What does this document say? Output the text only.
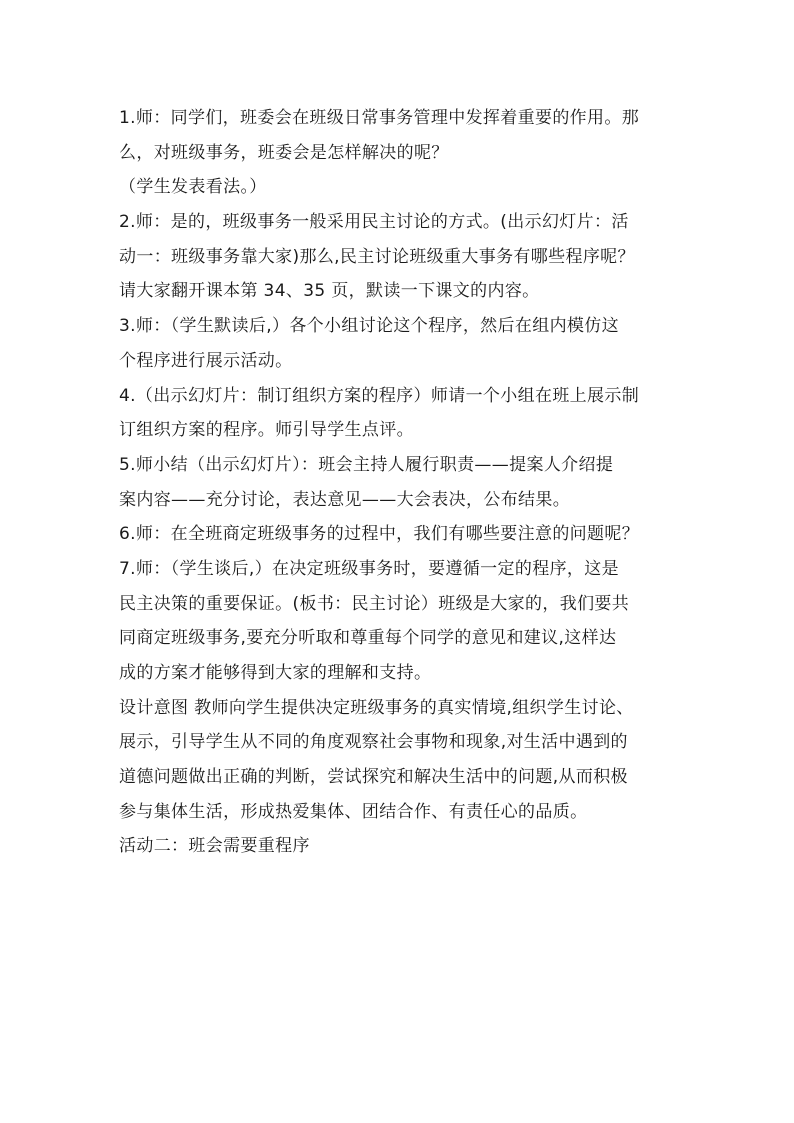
1.师：同学们，班委会在班级日常事务管理中发挥着重要的作用。那
么，对班级事务，班委会是怎样解决的呢？
（学生发表看法。）
2.师：是的，班级事务一般采用民主讨论的方式。(出示幻灯片：活
动一：班级事务靠大家)那么,民主讨论班级重大事务有哪些程序呢？
请大家翻开课本第 34、35 页，默读一下课文的内容。
3.师：（学生默读后,）各个小组讨论这个程序，然后在组内模仿这
个程序进行展示活动。
4.（出示幻灯片：制订组织方案的程序）师请一个小组在班上展示制
订组织方案的程序。师引导学生点评。
5.师小结（出示幻灯片）：班会主持人履行职责——提案人介绍提
案内容——充分讨论，表达意见——大会表决，公布结果。
6.师：在全班商定班级事务的过程中，我们有哪些要注意的问题呢？
7.师：（学生谈后,）在决定班级事务时，要遵循一定的程序，这是
民主决策的重要保证。(板书：民主讨论）班级是大家的，我们要共
同商定班级事务,要充分听取和尊重每个同学的意见和建议,这样达
成的方案才能够得到大家的理解和支持。
设计意图 教师向学生提供决定班级事务的真实情境,组织学生讨论、
展示，引导学生从不同的角度观察社会事物和现象,对生活中遇到的
道德问题做出正确的判断，尝试探究和解决生活中的问题,从而积极
参与集体生活，形成热爱集体、团结合作、有责任心的品质。
活动二：班会需要重程序
